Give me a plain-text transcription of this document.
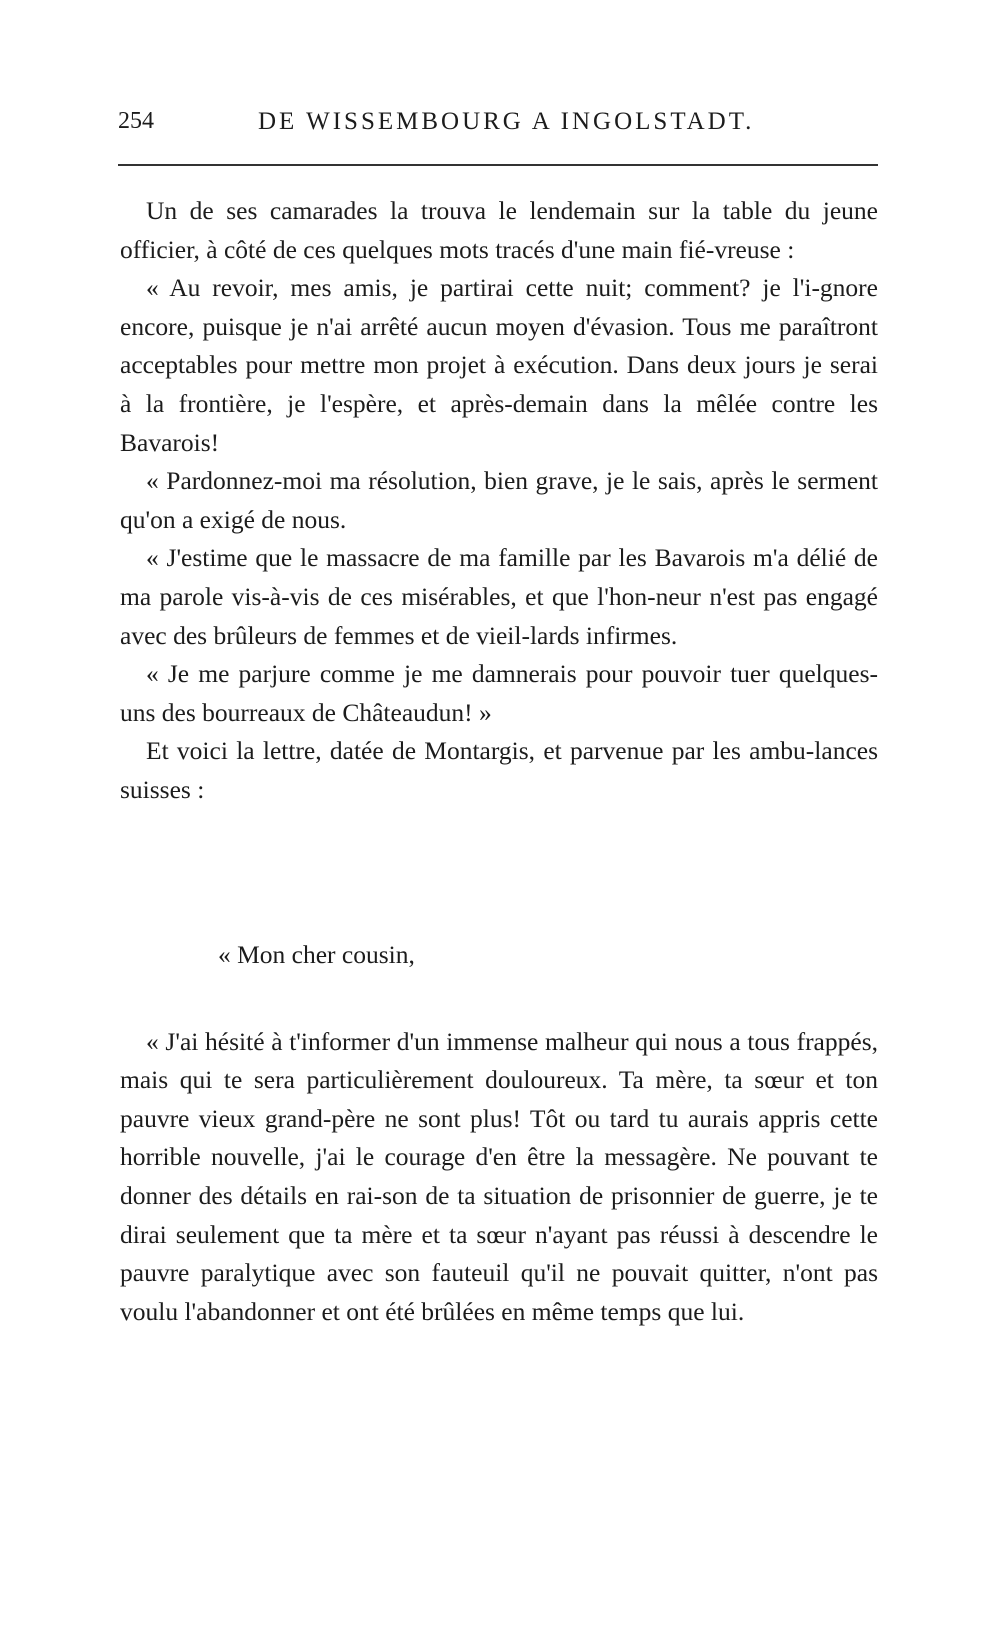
254	DE WISSEMBOURG A INGOLSTADT.

Un de ses camarades la trouva le lendemain sur la table du jeune officier, à côté de ces quelques mots tracés d'une main fié-vreuse :

« Au revoir, mes amis, je partirai cette nuit; comment? je l'i-gnore encore, puisque je n'ai arrêté aucun moyen d'évasion. Tous me paraîtront acceptables pour mettre mon projet à exécution. Dans deux jours je serai à la frontière, je l'espère, et après-demain dans la mêlée contre les Bavarois!

« Pardonnez-moi ma résolution, bien grave, je le sais, après le serment qu'on a exigé de nous.

« J'estime que le massacre de ma famille par les Bavarois m'a délié de ma parole vis-à-vis de ces misérables, et que l'hon-neur n'est pas engagé avec des brûleurs de femmes et de vieil-lards infirmes.

« Je me parjure comme je me damnerais pour pouvoir tuer quelques-uns des bourreaux de Châteaudun! »

Et voici la lettre, datée de Montargis, et parvenue par les ambu-lances suisses :

« Mon cher cousin,

« J'ai hésité à t'informer d'un immense malheur qui nous a tous frappés, mais qui te sera particulièrement douloureux. Ta mère, ta sœur et ton pauvre vieux grand-père ne sont plus! Tôt ou tard tu aurais appris cette horrible nouvelle, j'ai le courage d'en être la messagère. Ne pouvant te donner des détails en rai-son de ta situation de prisonnier de guerre, je te dirai seulement que ta mère et ta sœur n'ayant pas réussi à descendre le pauvre paralytique avec son fauteuil qu'il ne pouvait quitter, n'ont pas voulu l'abandonner et ont été brûlées en même temps que lui.
